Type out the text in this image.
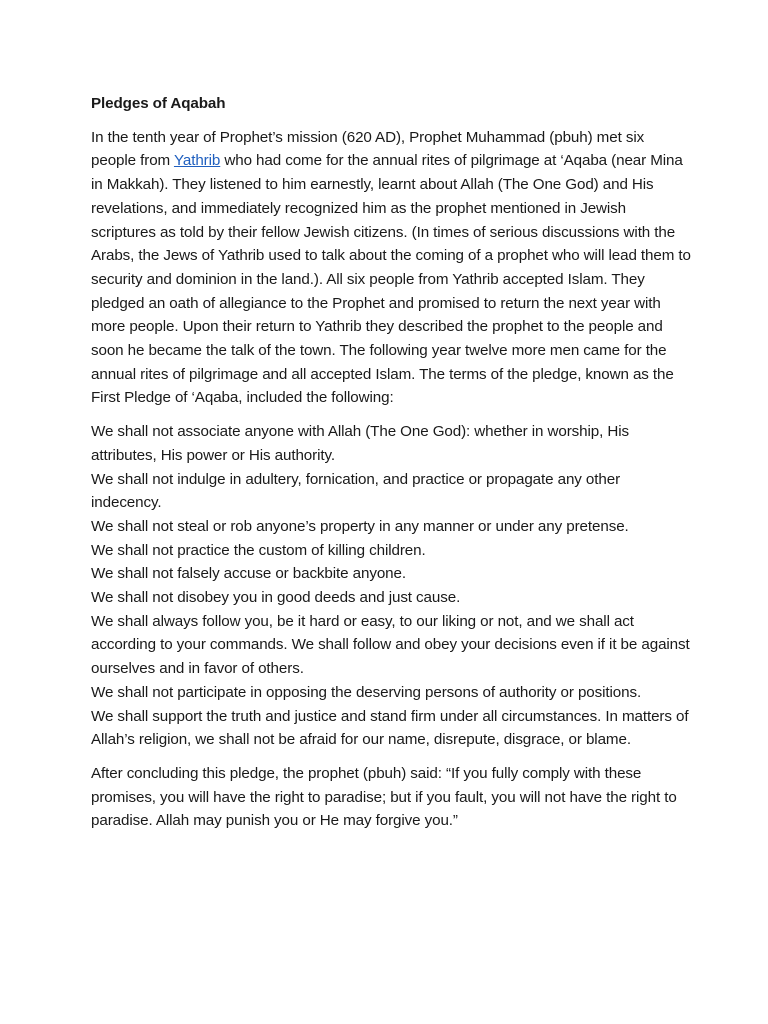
Pledges of Aqabah

In the tenth year of Prophet’s mission (620 AD), Prophet Muhammad (pbuh) met six people from Yathrib who had come for the annual rites of pilgrimage at ‘Aqaba (near Mina in Makkah). They listened to him earnestly, learnt about Allah (The One God) and His revelations, and immediately recognized him as the prophet mentioned in Jewish scriptures as told by their fellow Jewish citizens. (In times of serious discussions with the Arabs, the Jews of Yathrib used to talk about the coming of a prophet who will lead them to security and dominion in the land.). All six people from Yathrib accepted Islam. They pledged an oath of allegiance to the Prophet and promised to return the next year with more people. Upon their return to Yathrib they described the prophet to the people and soon he became the talk of the town. The following year twelve more men came for the annual rites of pilgrimage and all accepted Islam. The terms of the pledge, known as the First Pledge of ‘Aqaba, included the following:

We shall not associate anyone with Allah (The One God): whether in worship, His attributes, His power or His authority.
We shall not indulge in adultery, fornication, and practice or propagate any other indecency.
We shall not steal or rob anyone’s property in any manner or under any pretense.
We shall not practice the custom of killing children.
We shall not falsely accuse or backbite anyone.
We shall not disobey you in good deeds and just cause.
We shall always follow you, be it hard or easy, to our liking or not, and we shall act according to your commands. We shall follow and obey your decisions even if it be against ourselves and in favor of others.
We shall not participate in opposing the deserving persons of authority or positions.
We shall support the truth and justice and stand firm under all circumstances. In matters of Allah’s religion, we shall not be afraid for our name, disrepute, disgrace, or blame.

After concluding this pledge, the prophet (pbuh) said: “If you fully comply with these promises, you will have the right to paradise; but if you fault, you will not have the right to paradise. Allah may punish you or He may forgive you.”
